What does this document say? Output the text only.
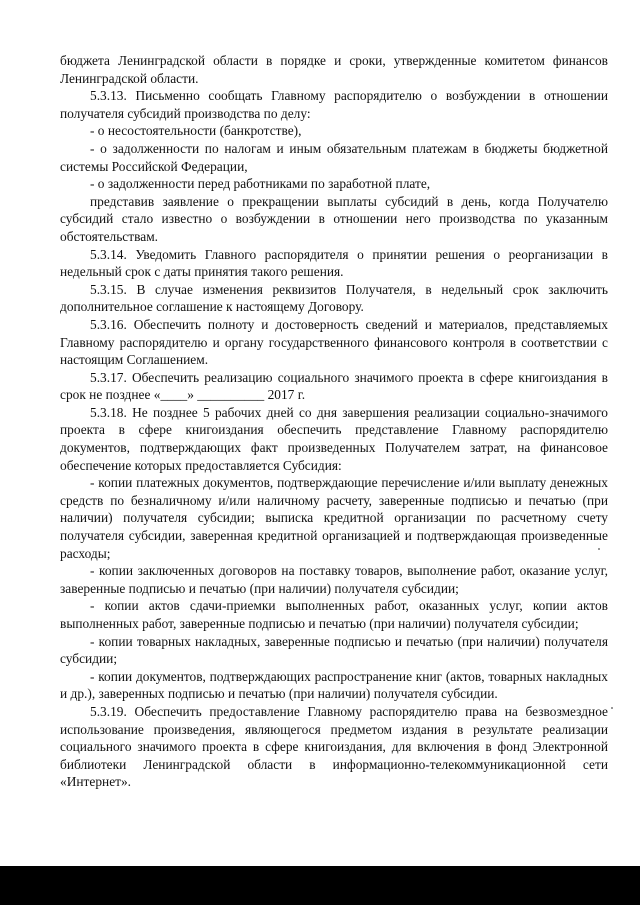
бюджета Ленинградской области в порядке и сроки, утвержденные комитетом финансов Ленинградской области.

5.3.13. Письменно сообщать Главному распорядителю о возбуждении в отношении получателя субсидий производства по делу:

- о несостоятельности (банкротстве),

- о задолженности по налогам и иным обязательным платежам в бюджеты бюджетной системы Российской Федерации,

- о задолженности перед работниками по заработной плате,

представив заявление о прекращении выплаты субсидий в день, когда Получателю субсидий стало известно о возбуждении в отношении него производства по указанным обстоятельствам.

5.3.14. Уведомить Главного распорядителя о принятии решения о реорганизации в недельный срок с даты принятия такого решения.

5.3.15. В случае изменения реквизитов Получателя, в недельный срок заключить дополнительное соглашение к настоящему Договору.

5.3.16. Обеспечить полноту и достоверность сведений и материалов, представляемых Главному распорядителю и органу государственного финансового контроля в соответствии с настоящим Соглашением.

5.3.17. Обеспечить реализацию социального значимого проекта в сфере книгоиздания в срок не позднее «____» __________ 2017 г.

5.3.18. Не позднее 5 рабочих дней со дня завершения реализации социально-значимого проекта в сфере книгоиздания обеспечить представление Главному распорядителю документов, подтверждающих факт произведенных Получателем затрат, на финансовое обеспечение которых предоставляется Субсидия:

- копии платежных документов, подтверждающие перечисление и/или выплату денежных средств по безналичному и/или наличному расчету, заверенные подписью и печатью (при наличии) получателя субсидии; выписка кредитной организации по расчетному счету получателя субсидии, заверенная кредитной организацией и подтверждающая произведенные расходы;

- копии заключенных договоров на поставку товаров, выполнение работ, оказание услуг, заверенные подписью и печатью (при наличии) получателя субсидии;

- копии актов сдачи-приемки выполненных работ, оказанных услуг, копии актов выполненных работ, заверенные подписью и печатью (при наличии) получателя субсидии;

- копии товарных накладных, заверенные подписью и печатью (при наличии) получателя субсидии;

- копии документов, подтверждающих распространение книг (актов, товарных накладных и др.), заверенных подписью и печатью (при наличии) получателя субсидии.

5.3.19. Обеспечить предоставление Главному распорядителю права на безвозмездное использование произведения, являющегося предметом издания в результате реализации социального значимого проекта в сфере книгоиздания, для включения в фонд Электронной библиотеки Ленинградской области в информационно-телекоммуникационной сети «Интернет».
